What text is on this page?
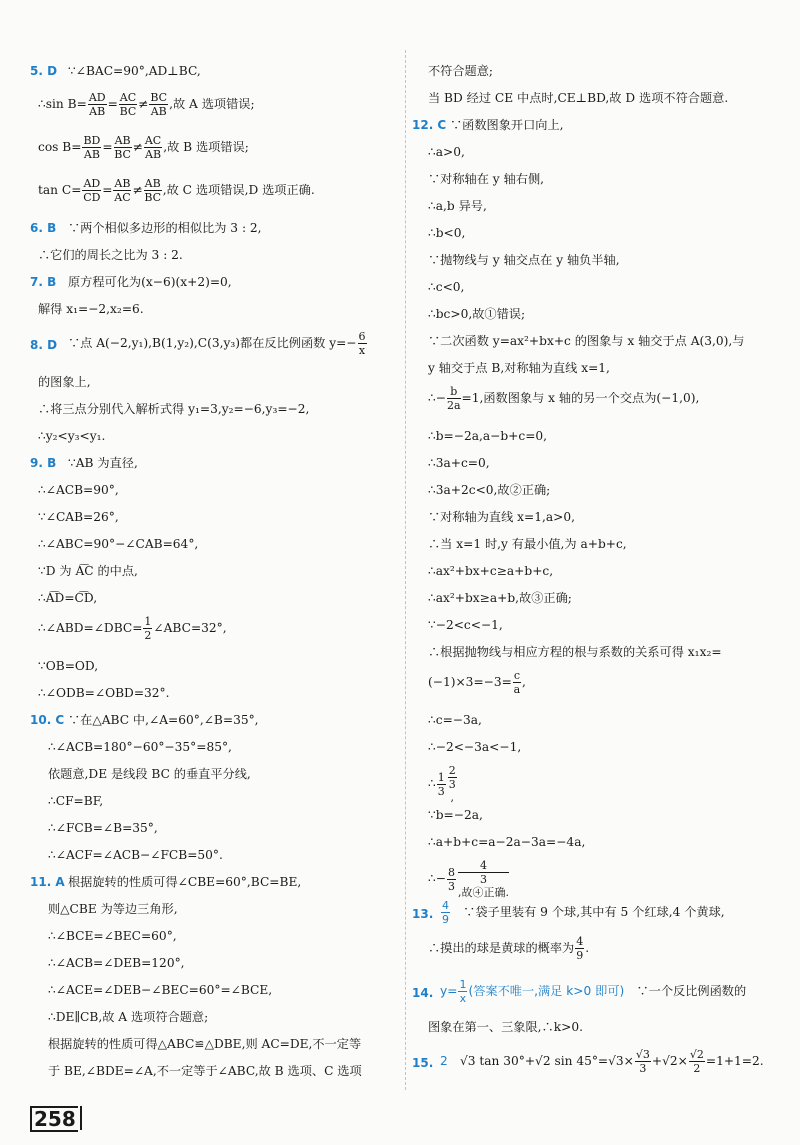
5. D ∵∠BAC=90°,AD⊥BC,
∴sin $B= \frac{AD}{AB} = \frac{AC}{BC} \ne \frac{BC}{AB}$ ,故 A 选项错误;
$\cos B= \frac{BD}{AB} = \frac{AB}{BC} \ne \frac{AC}{AB}$ ,故 B 选项错误;
$\tan C= \frac{AD}{CD} = \frac{AB}{AC} \ne \frac{AB}{BC}$ ,故 C 选项错误,D 选项正确.
6. B ∵两个相似多边形的相似比为 3 : 2,
∴它们的周长之比为 3 : 2.
7. B 原方程可化为(x−6)(x+2)=0,
解得 x₁=−2,x₂=6.
8. D ∵点 A(−2,y₁),B(1,y₂),C(3,y₃)都在反比例函数 $y=- \frac{6}{x}$
的图象上,
∴将三点分别代入解析式得 y₁=3,y₂=−6,y₃=−2,
∴y₂<y₃<y₁.
9. B ∵AB 为直径,
∴∠ACB=90°,
∵∠CAB=26°,
∴∠ABC=90°−∠CAB=64°,
∵D 为 A͡C 的中点,
∴A͡D=C͡D,
∴∠ABD=∠DBC= $\frac{1}{2}$ ∠ABC=32°,
∵OB=OD,
∴∠ODB=∠OBD=32°.
10. C ∵在△ABC 中,∠A=60°,∠B=35°,
∴∠ACB=180°−60°−35°=85°,
依题意,DE 是线段 BC 的垂直平分线,
∴CF=BF,
∴∠FCB=∠B=35°,
∴∠ACF=∠ACB−∠FCB=50°.
11. A 根据旋转的性质可得∠CBE=60°,BC=BE,
则△CBE 为等边三角形,
∴∠BCE=∠BEC=60°,
∴∠ACB=∠DEB=120°,
∴∠ACE=∠DEB−∠BEC=60°=∠BCE,
∴DE∥CB,故 A 选项符合题意;
根据旋转的性质可得△ABC≌△DBE,则 AC=DE,不一定等
于 BE,∠BDE=∠A,不一定等于∠ABC,故 B 选项、C 选项
不符合题意;
当 BD 经过 CE 中点时,CE⊥BD,故 D 选项不符合题意.
12. C ∵函数图象开口向上,
∴a>0,
∵对称轴在 y 轴右侧,
∴a,b 异号,
∴b<0,
∵抛物线与 y 轴交点在 y 轴负半轴,
∴c<0,
∴bc>0,故①错误;
∵二次函数 y=ax²+bx+c 的图象与 x 轴交于点 A(3,0),与
y 轴交于点 B,对称轴为直线 x=1,
∴− $\frac{b}{2a} =1$,函数图象与 x 轴的另一个交点为(−1,0),
∴b=−2a,a−b+c=0,
∴3a+c=0,
∴3a+2c<0,故②正确;
∵对称轴为直线 x=1,a>0,
∴当 x=1 时,y 有最小值,为 a+b+c,
∴ax²+bx+c≥a+b+c,
∴ax²+bx≥a+b,故③正确;
∵−2<c<−1,
∴根据抛物线与相应方程的根与系数的关系可得 x₁x₂=
$(-1)\times 3=-3= \frac{c}{a}$ ,
∴c=−3a,
∴−2<−3a<−1,
∴ $\frac{1}{3} 2$
3
,
∵b=−2a,
∴a+b+c=a−2a−3a=−4a,
∴− $\frac{8}{3}$	4
3
,故④正确.
13. $\frac{4}{9}$ 　∵袋子里装有 9 个球,其中有 5 个红球,4 个黄球,
∴摸出的球是黄球的概率为 $\frac{4}{9}$ .
14. $y= \frac{1}{x}$ (答案不唯一,满足 k>0 即可)　∵一个反比例函数的
图象在第一、三象限,∴k>0.
15. 2　√3 tan 30°+√2 $\sin 45^\circ=√3\times \frac{√3}{3} +√2\times \frac{√2}{2} =1+1=2$.
258
